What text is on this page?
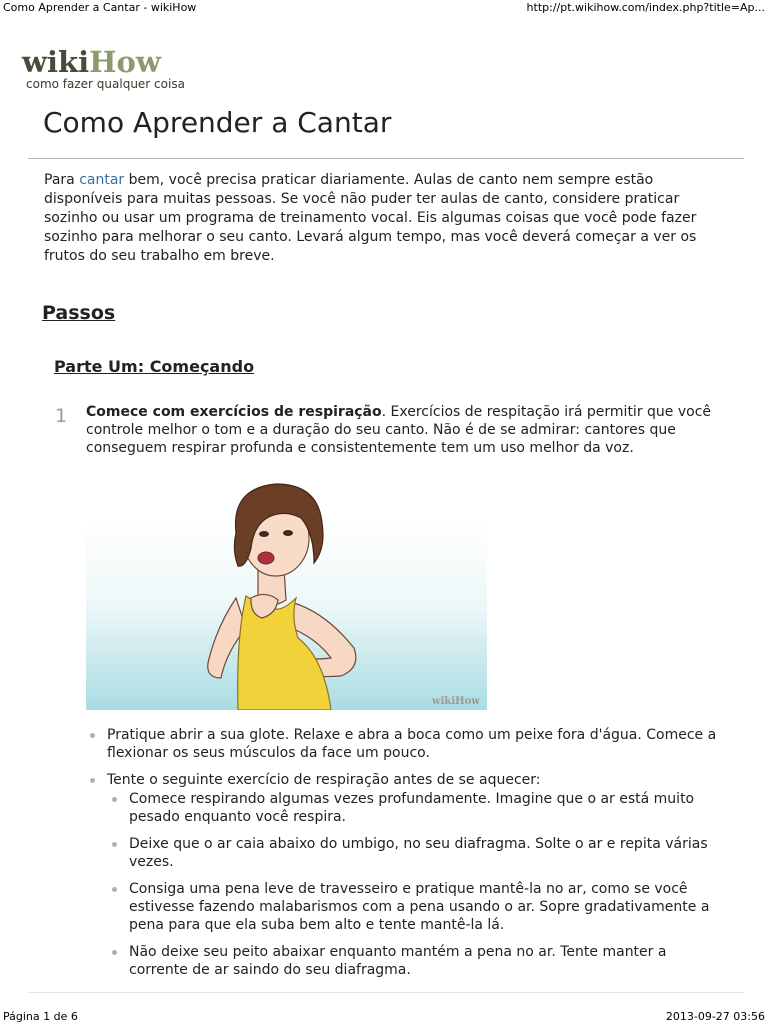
Como Aprender a Cantar - wikiHow	http://pt.wikihow.com/index.php?title=Ap...
wikiHow
como fazer qualquer coisa
Como Aprender a Cantar

Para cantar bem, você precisa praticar diariamente. Aulas de canto nem sempre estão disponíveis para muitas pessoas. Se você não puder ter aulas de canto, considere praticar sozinho ou usar um programa de treinamento vocal. Eis algumas coisas que você pode fazer sozinho para melhorar o seu canto. Levará algum tempo, mas você deverá começar a ver os frutos do seu trabalho em breve.

Passos
Parte Um: Começando
1 Comece com exercícios de respiração. Exercícios de respitação irá permitir que você controle melhor o tom e a duração do seu canto. Não é de se admirar: cantores que conseguem respirar profunda e consistentemente tem um uso melhor da voz.

wikiHow
Pratique abrir a sua glote. Relaxe e abra a boca como um peixe fora d'água. Comece a flexionar os seus músculos da face um pouco.
Tente o seguinte exercício de respiração antes de se aquecer:
Comece respirando algumas vezes profundamente. Imagine que o ar está muito pesado enquanto você respira.
Deixe que o ar caia abaixo do umbigo, no seu diafragma. Solte o ar e repita várias vezes.
Consiga uma pena leve de travesseiro e pratique mantê-la no ar, como se você estivesse fazendo malabarismos com a pena usando o ar. Sopre gradativamente a pena para que ela suba bem alto e tente mantê-la lá.
Não deixe seu peito abaixar enquanto mantém a pena no ar. Tente manter a corrente de ar saindo do seu diafragma.
Página 1 de 6	2013-09-27 03:56
